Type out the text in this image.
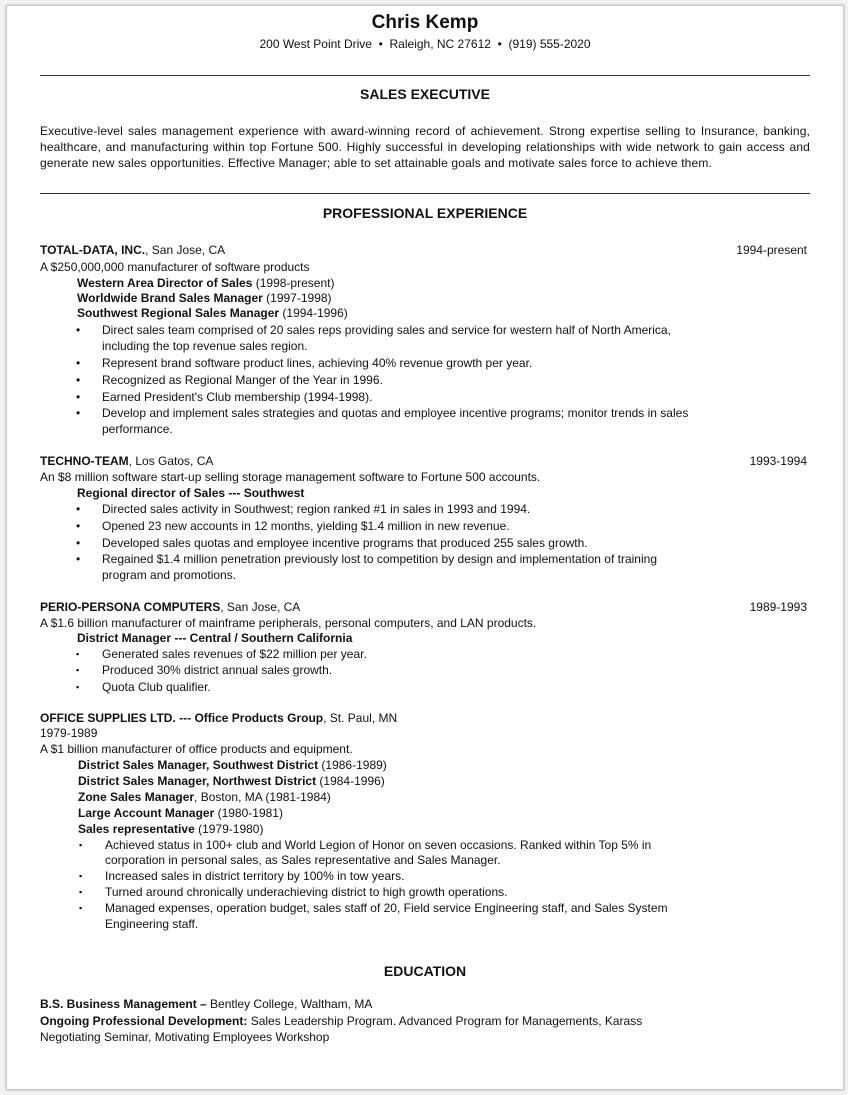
Chris Kemp
200 West Point Drive • Raleigh, NC 27612 • (919) 555-2020
SALES EXECUTIVE
Executive-level sales management experience with award-winning record of achievement. Strong expertise selling to Insurance, banking, healthcare, and manufacturing within top Fortune 500. Highly successful in developing relationships with wide network to gain access and generate new sales opportunities. Effective Manager; able to set attainable goals and motivate sales force to achieve them.
PROFESSIONAL EXPERIENCE
TOTAL-DATA, INC., San Jose, CA	1994-present
A $250,000,000 manufacturer of software products
Western Area Director of Sales (1998-present)
Worldwide Brand Sales Manager (1997-1998)
Southwest Regional Sales Manager (1994-1996)
• Direct sales team comprised of 20 sales reps providing sales and service for western half of North America,
including the top revenue sales region.
• Represent brand software product lines, achieving 40% revenue growth per year.
• Recognized as Regional Manger of the Year in 1996.
• Earned President's Club membership (1994-1998).
• Develop and implement sales strategies and quotas and employee incentive programs; monitor trends in sales
performance.
TECHNO-TEAM, Los Gatos, CA	1993-1994
An $8 million software start-up selling storage management software to Fortune 500 accounts.
Regional director of Sales --- Southwest
• Directed sales activity in Southwest; region ranked #1 in sales in 1993 and 1994.
• Opened 23 new accounts in 12 months, yielding $1.4 million in new revenue.
• Developed sales quotas and employee incentive programs that produced 255 sales growth.
• Regained $1.4 million penetration previously lost to competition by design and implementation of training
program and promotions.
PERIO-PERSONA COMPUTERS, San Jose, CA	1989-1993
A $1.6 billion manufacturer of mainframe peripherals, personal computers, and LAN products.
District Manager --- Central / Southern California
▪ Generated sales revenues of $22 million per year.
▪ Produced 30% district annual sales growth.
▪ Quota Club qualifier.
OFFICE SUPPLIES LTD. --- Office Products Group, St. Paul, MN
1979-1989
A $1 billion manufacturer of office products and equipment.
District Sales Manager, Southwest District (1986-1989)
District Sales Manager, Northwest District (1984-1996)
Zone Sales Manager, Boston, MA (1981-1984)
Large Account Manager (1980-1981)
Sales representative (1979-1980)
▪ Achieved status in 100+ club and World Legion of Honor on seven occasions. Ranked within Top 5% in
corporation in personal sales, as Sales representative and Sales Manager.
▪ Increased sales in district territory by 100% in tow years.
▪ Turned around chronically underachieving district to high growth operations.
▪ Managed expenses, operation budget, sales staff of 20, Field service Engineering staff, and Sales System
Engineering staff.
EDUCATION
B.S. Business Management – Bentley College, Waltham, MA
Ongoing Professional Development: Sales Leadership Program. Advanced Program for Managements, Karass
Negotiating Seminar, Motivating Employees Workshop
